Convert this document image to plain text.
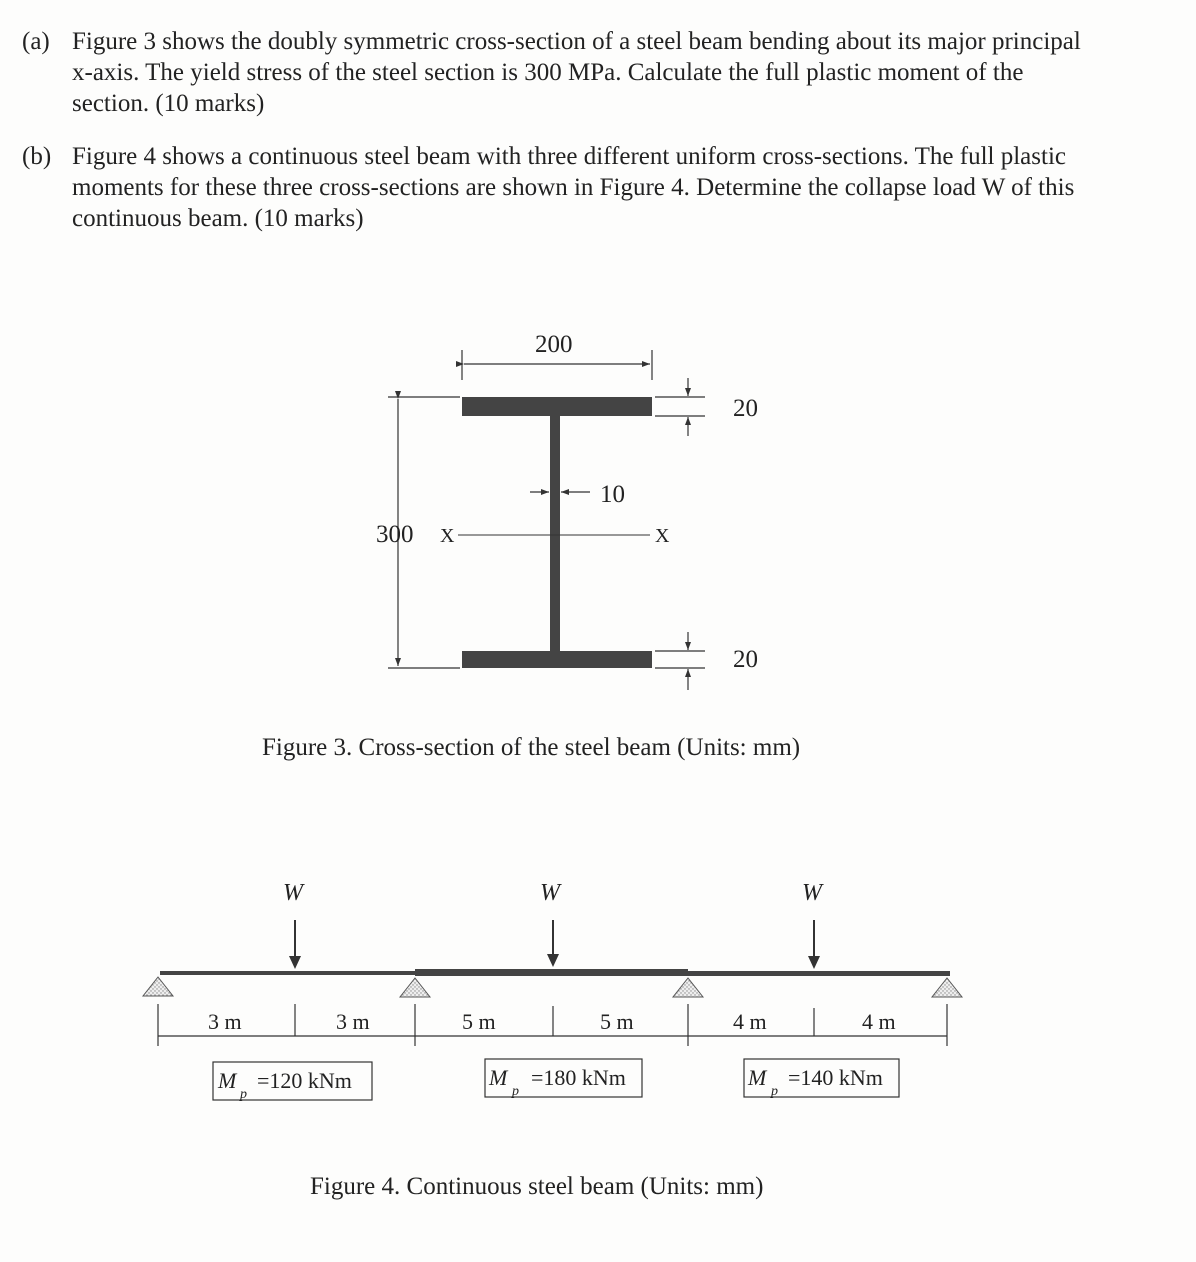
(a) Figure 3 shows the doubly symmetric cross-section of a steel beam bending about its major principal x-axis. The yield stress of the steel section is 300 MPa. Calculate the full plastic moment of the section. (10 marks)
(b) Figure 4 shows a continuous steel beam with three different uniform cross-sections. The full plastic moments for these three cross-sections are shown in Figure 4. Determine the collapse load W of this continuous beam. (10 marks)
200
300 X	X
10
20
20
W	W	W
3 m	3 m	5 m	5 m	4 m	4 m
M
p
=120 kNm	M
p
=180 kNm	M
p
=140 kNm
Figure 3. Cross-section of the steel beam (Units: mm)
Figure 4. Continuous steel beam (Units: mm)
